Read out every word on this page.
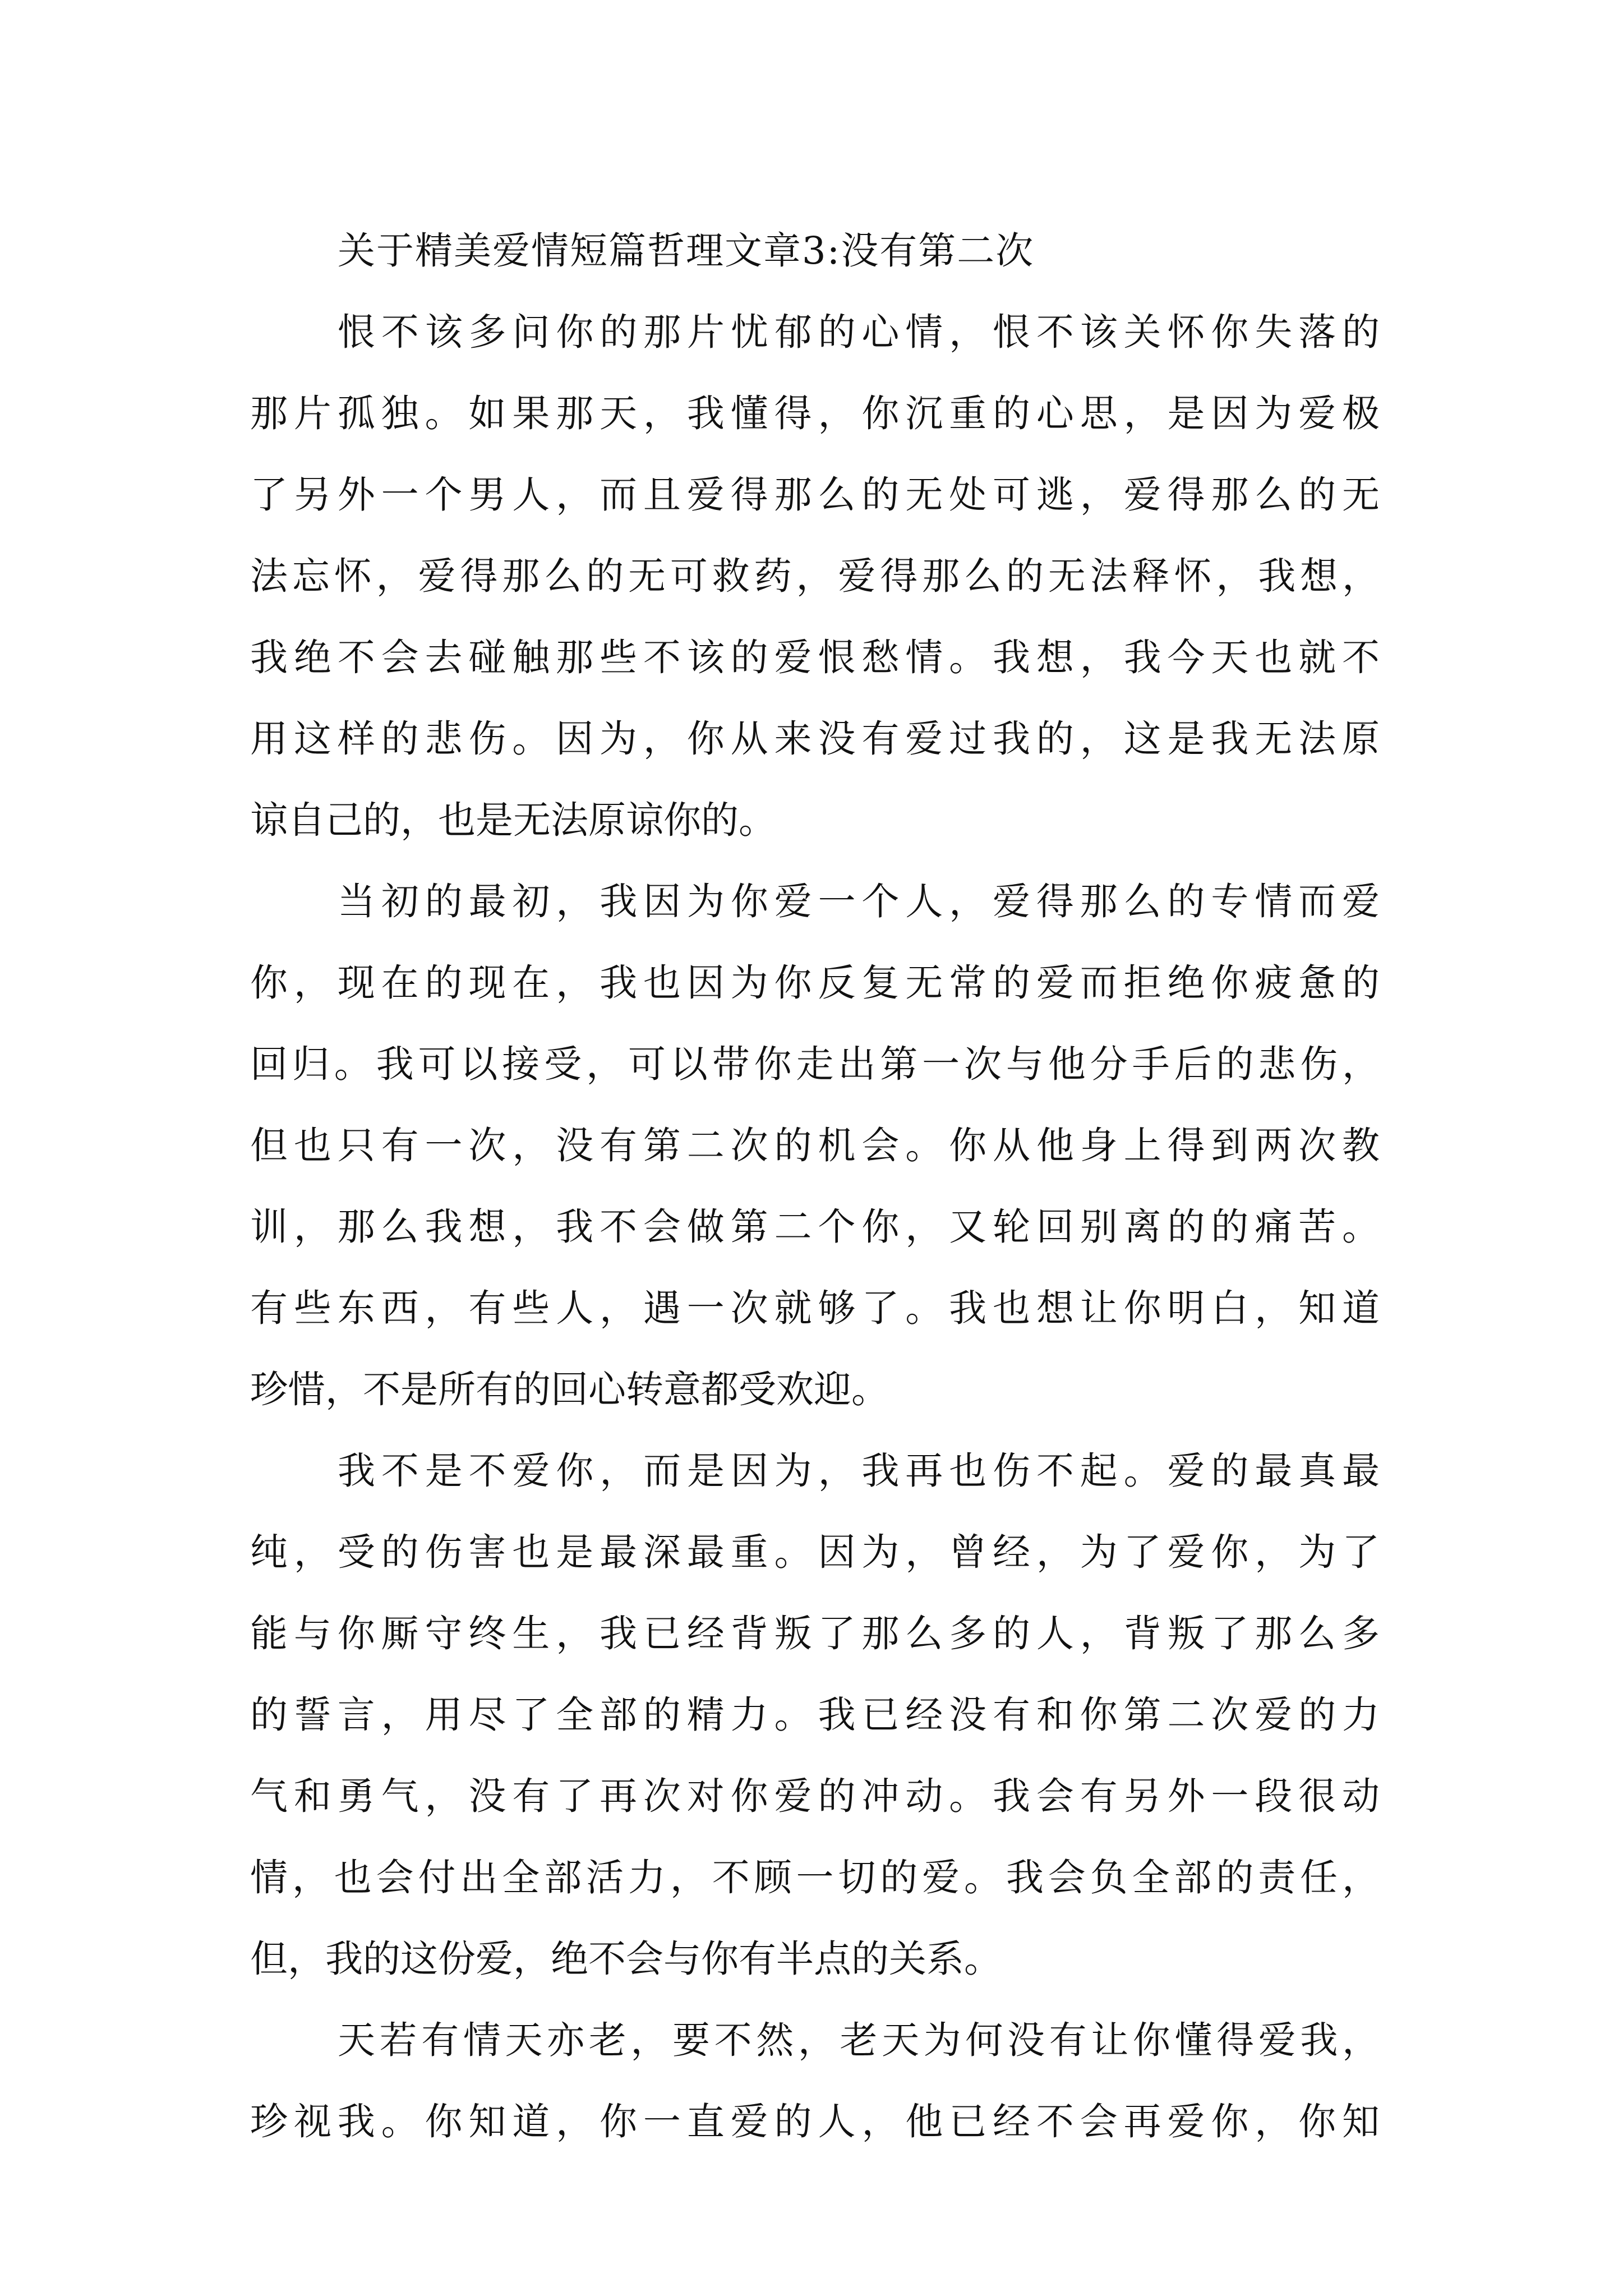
关于精美爱情短篇哲理文章3:没有第二次
恨不该多问你的那片忧郁的心情，恨不该关怀你失落的
那片孤独。如果那天，我懂得，你沉重的心思，是因为爱极
了另外一个男人，而且爱得那么的无处可逃，爱得那么的无
法忘怀，爱得那么的无可救药，爱得那么的无法释怀，我想，
我绝不会去碰触那些不该的爱恨愁情。我想，我今天也就不
用这样的悲伤。因为，你从来没有爱过我的，这是我无法原
谅自己的，也是无法原谅你的。
当初的最初，我因为你爱一个人，爱得那么的专情而爱
你，现在的现在，我也因为你反复无常的爱而拒绝你疲惫的
回归。我可以接受，可以带你走出第一次与他分手后的悲伤，
但也只有一次，没有第二次的机会。你从他身上得到两次教
训，那么我想，我不会做第二个你，又轮回别离的的痛苦。
有些东西，有些人，遇一次就够了。我也想让你明白，知道
珍惜，不是所有的回心转意都受欢迎。
我不是不爱你，而是因为，我再也伤不起。爱的最真最
纯，受的伤害也是最深最重。因为，曾经，为了爱你，为了
能与你厮守终生，我已经背叛了那么多的人，背叛了那么多
的誓言，用尽了全部的精力。我已经没有和你第二次爱的力
气和勇气，没有了再次对你爱的冲动。我会有另外一段很动
情，也会付出全部活力，不顾一切的爱。我会负全部的责任，
但，我的这份爱，绝不会与你有半点的关系。
天若有情天亦老，要不然，老天为何没有让你懂得爱我，
珍视我。你知道，你一直爱的人，他已经不会再爱你，你知
